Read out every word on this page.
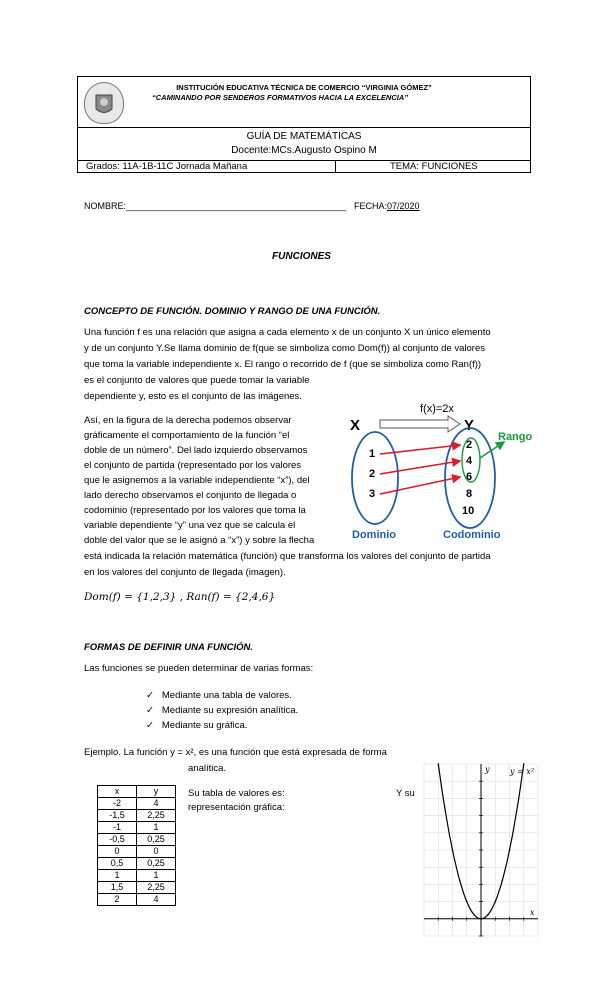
INSTITUCIÓN EDUCATIVA TÉCNICA DE COMERCIO “VIRGINIA GÓMEZ”
“CAMINANDO POR SENDEROS FORMATIVOS HACIA LA EXCELENCIA”
GUÍA DE MATEMÁTICAS
Docente:MCs.Augusto Ospino M
Grados: 11A-1B-11C Jornada Mañana	TEMA: FUNCIONES
NOMBRE:____________________________________________ FECHA:07/2020
FUNCIONES
CONCEPTO DE FUNCIÓN. DOMINIO Y RANGO DE UNA FUNCIÓN.
Una función f es una relación que asigna a cada elemento x de un conjunto X un único elemento
y de un conjunto Y.Se llama dominio de f(que se simboliza como Dom(f)) al conjunto de valores
que toma la variable independiente x. El rango o recorrido de f (que se simboliza como Ran(f))
es el conjunto de valores que puede tomar la variable
dependiente y, esto es el conjunto de las imágenes.
Así, en la figura de la derecha podemos observar
gráficamente el comportamiento de la función “el
doble de un número”. Del lado izquierdo observamos
el conjunto de partida (representado por los valores
que le asignemos a la variable independiente “x”), del
lado derecho observamos el conjunto de llegada o
codominio (representado por los valores que toma la
variable dependiente “y” una vez que se calcula el
doble del valor que se le asignó a “x”) y sobre la flecha
está indicada la relación matemática (función) que transforma los valores del conjunto de partida
en los valores del conjunto de llegada (imagen).
Dom(f) = {1,2,3} , Ran(f) = {2,4,6}
f(x)=2x
X	Y
1
2
3
2
4
6
8
10
Rango
Dominio	Codominio
FORMAS DE DEFINIR UNA FUNCIÓN.
Las funciones se pueden determinar de varias formas:
✓   Mediante una tabla de valores.
✓   Mediante su expresión analítica.
✓   Mediante su gráfica.
Ejemplo. La función y = x², es una función que está expresada de forma
analítica.
Su tabla de valores es:	Y su
representación gráfica:
x	y
-2	4
-1,5	2,25
-1	1
-0,5	0,25
0	0
0,5	0,25
1	1
1,5	2,25
2	4
y
x
y = x²
